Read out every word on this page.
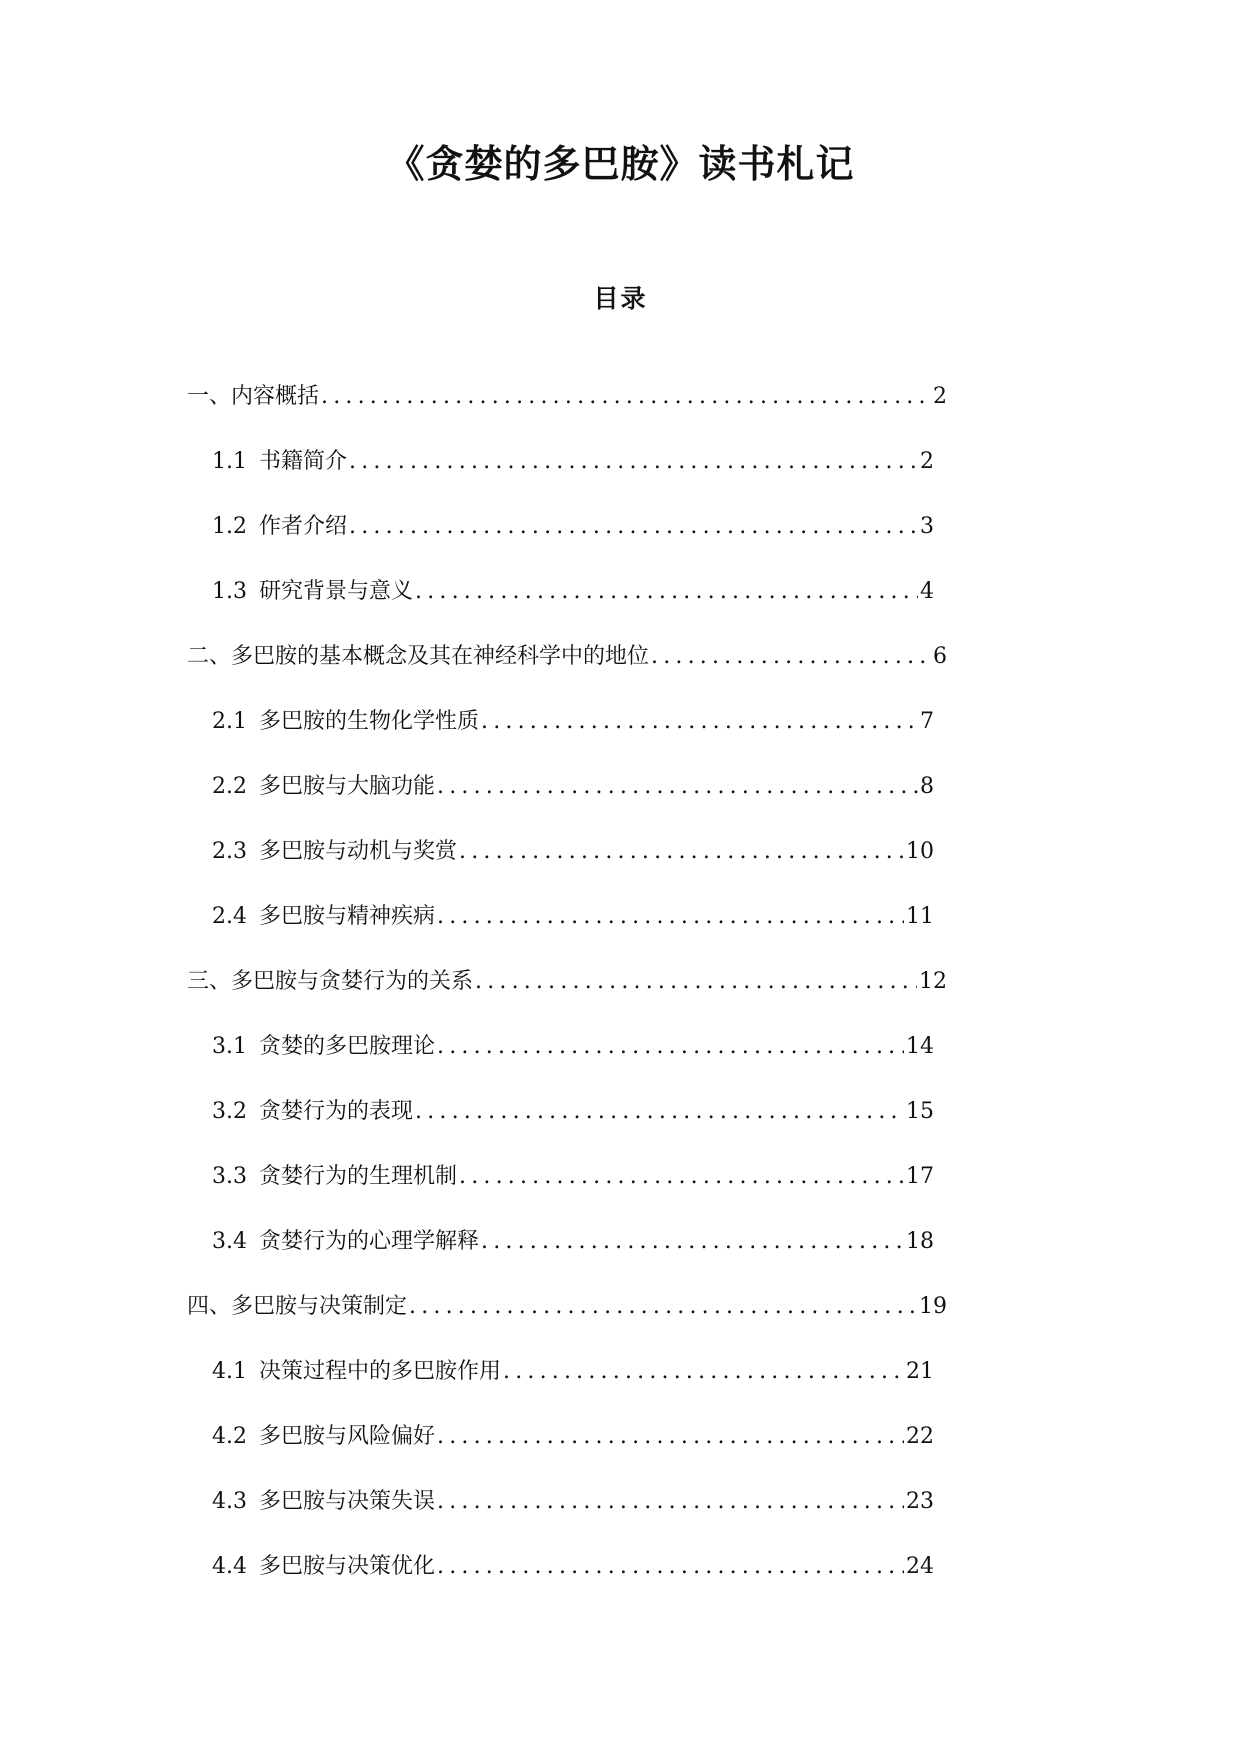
《贪婪的多巴胺》读书札记
目录
一、内容概括 .....	2
1.1 书籍简介 .....	2
1.2 作者介绍 .....	3
1.3 研究背景与意义 .....	4
二、多巴胺的基本概念及其在神经科学中的地位 .....	6
2.1 多巴胺的生物化学性质 .....	7
2.2 多巴胺与大脑功能 .....	8
2.3 多巴胺与动机与奖赏 .....	10
2.4 多巴胺与精神疾病 .....	11
三、多巴胺与贪婪行为的关系 .....	12
3.1 贪婪的多巴胺理论 .....	14
3.2 贪婪行为的表现 .....	15
3.3 贪婪行为的生理机制 .....	17
3.4 贪婪行为的心理学解释 .....	18
四、多巴胺与决策制定 .....	19
4.1 决策过程中的多巴胺作用 .....	21
4.2 多巴胺与风险偏好 .....	22
4.3 多巴胺与决策失误 .....	23
4.4 多巴胺与决策优化 .....	24
